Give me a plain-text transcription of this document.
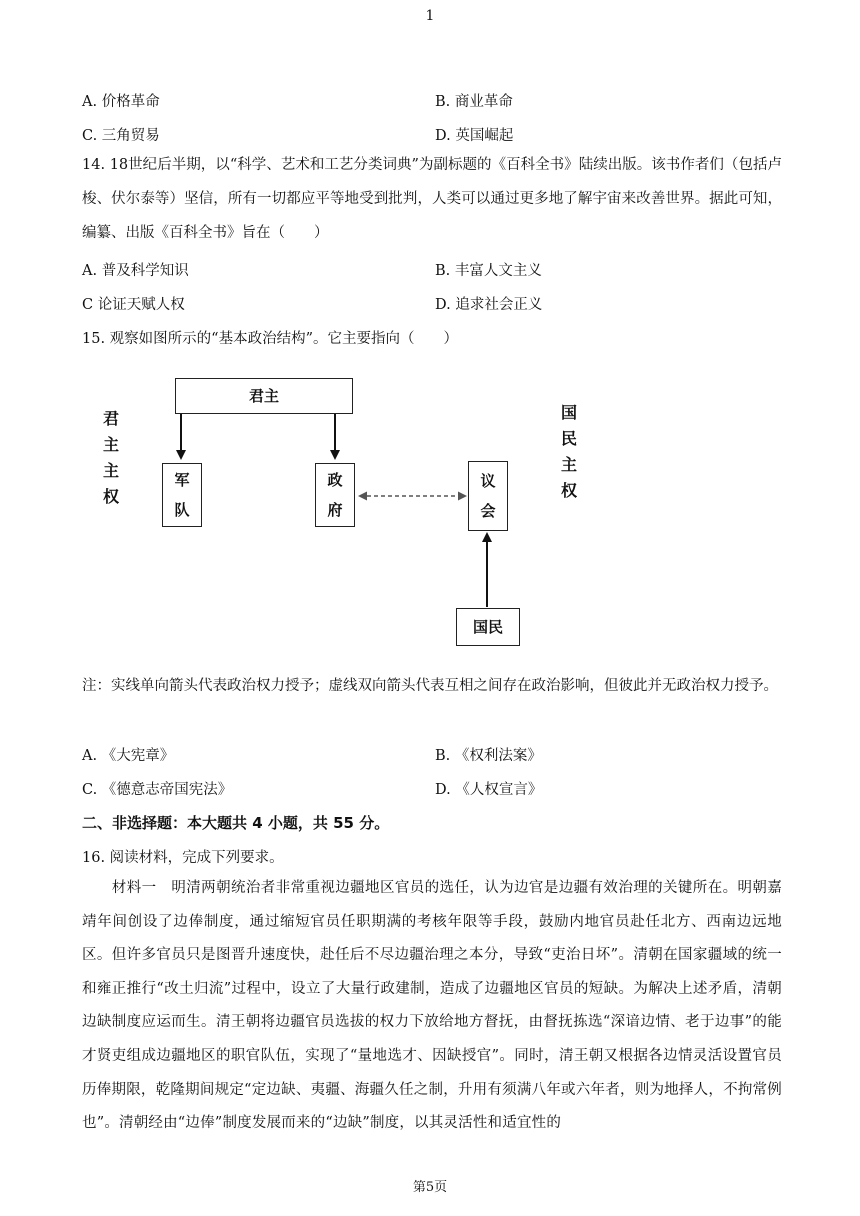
1
A. 价格革命	B. 商业革命
C. 三角贸易	D. 英国崛起
14. 18世纪后半期，以“科学、艺术和工艺分类词典”为副标题的《百科全书》陆续出版。该书作者们（包括卢梭、伏尔泰等）坚信，所有一切都应平等地受到批判，人类可以通过更多地了解宇宙来改善世界。据此可知，编纂、出版《百科全书》旨在（　　）
A. 普及科学知识	B. 丰富人文主义
C 论证天赋人权	D. 追求社会正义
15. 观察如图所示的“基本政治结构”。它主要指向（　　）
君主
军
队
政
府
议
会
国民
君
主
主
权
国
民
主
权
注：实线单向箭头代表政治权力授予；虚线双向箭头代表互相之间存在政治影响，但彼此并无政治权力授予。
A. 《大宪章》	B. 《权利法案》
C. 《德意志帝国宪法》	D. 《人权宣言》
二、非选择题：本大题共 4 小题，共 55 分。
16. 阅读材料，完成下列要求。
　　材料一　明清两朝统治者非常重视边疆地区官员的选任，认为边官是边疆有效治理的关键所在。明朝嘉靖年间创设了边俸制度，通过缩短官员任职期满的考核年限等手段，鼓励内地官员赴任北方、西南边远地区。但许多官员只是图晋升速度快，赴任后不尽边疆治理之本分，导致“吏治日坏”。清朝在国家疆域的统一和雍正推行“改土归流”过程中，设立了大量行政建制，造成了边疆地区官员的短缺。为解决上述矛盾，清朝边缺制度应运而生。清王朝将边疆官员选拔的权力下放给地方督抚，由督抚拣选“深谙边情、老于边事”的能才贤吏组成边疆地区的职官队伍，实现了“量地选才、因缺授官”。同时，清王朝又根据各边情灵活设置官员历俸期限，乾隆期间规定“定边缺、夷疆、海疆久任之制，升用有须满八年或六年者，则为地择人，不拘常例也”。清朝经由“边俸”制度发展而来的“边缺”制度，以其灵活性和适宜性的
第5页
